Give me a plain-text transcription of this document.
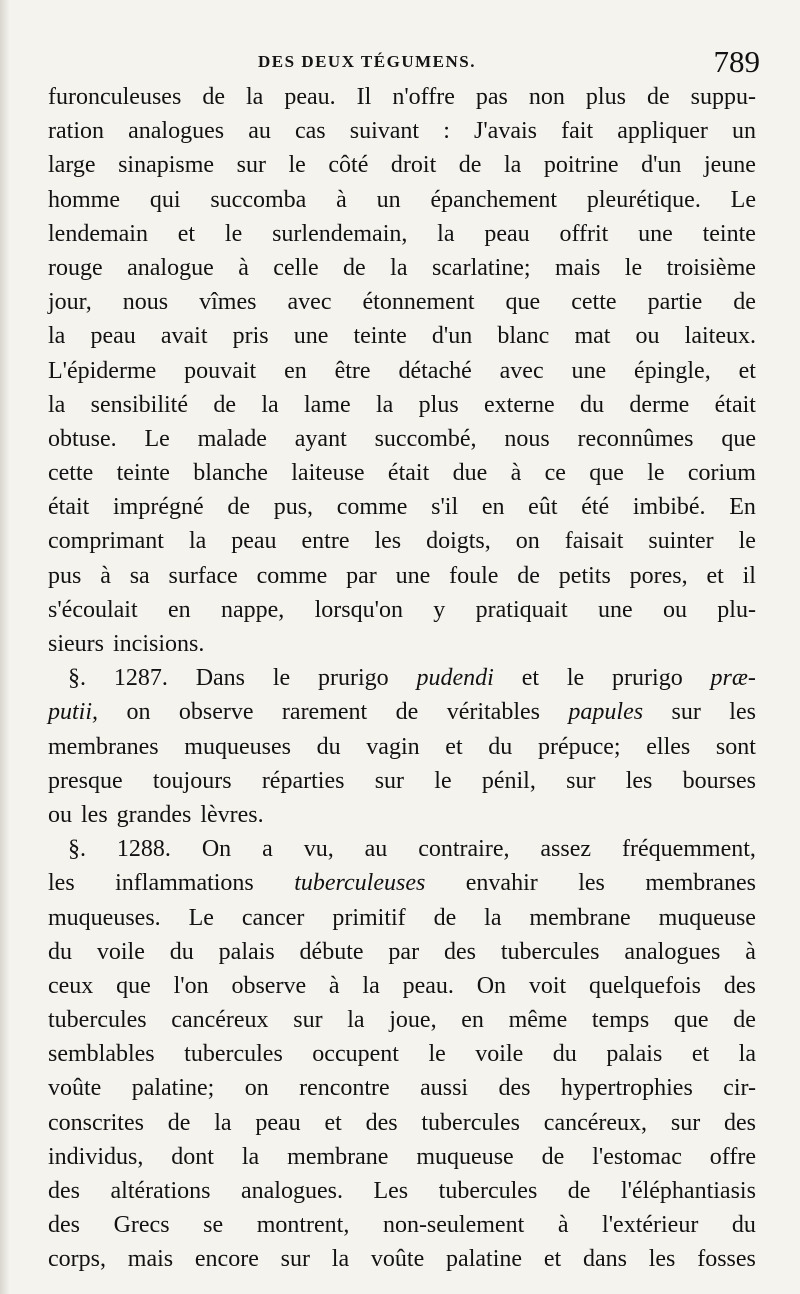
DES DEUX TÉGUMENS.	789
furonculeuses de la peau. Il n'offre pas non plus de suppu-
ration analogues au cas suivant : J'avais fait appliquer un
large sinapisme sur le côté droit de la poitrine d'un jeune
homme qui succomba à un épanchement pleurétique. Le
lendemain et le surlendemain, la peau offrit une teinte
rouge analogue à celle de la scarlatine; mais le troisième
jour, nous vîmes avec étonnement que cette partie de
la peau avait pris une teinte d'un blanc mat ou laiteux.
L'épiderme pouvait en être détaché avec une épingle, et
la sensibilité de la lame la plus externe du derme était
obtuse. Le malade ayant succombé, nous reconnûmes que
cette teinte blanche laiteuse était due à ce que le corium
était imprégné de pus, comme s'il en eût été imbibé. En
comprimant la peau entre les doigts, on faisait suinter le
pus à sa surface comme par une foule de petits pores, et il
s'écoulait en nappe, lorsqu'on y pratiquait une ou plu-
sieurs incisions.
§. 1287. Dans le prurigo pudendi et le prurigo præ-
putii, on observe rarement de véritables papules sur les
membranes muqueuses du vagin et du prépuce; elles sont
presque toujours réparties sur le pénil, sur les bourses
ou les grandes lèvres.
§. 1288. On a vu, au contraire, assez fréquemment,
les inflammations tuberculeuses envahir les membranes
muqueuses. Le cancer primitif de la membrane muqueuse
du voile du palais débute par des tubercules analogues à
ceux que l'on observe à la peau. On voit quelquefois des
tubercules cancéreux sur la joue, en même temps que de
semblables tubercules occupent le voile du palais et la
voûte palatine; on rencontre aussi des hypertrophies cir-
conscrites de la peau et des tubercules cancéreux, sur des
individus, dont la membrane muqueuse de l'estomac offre
des altérations analogues. Les tubercules de l'éléphantiasis
des Grecs se montrent, non-seulement à l'extérieur du
corps, mais encore sur la voûte palatine et dans les fosses
